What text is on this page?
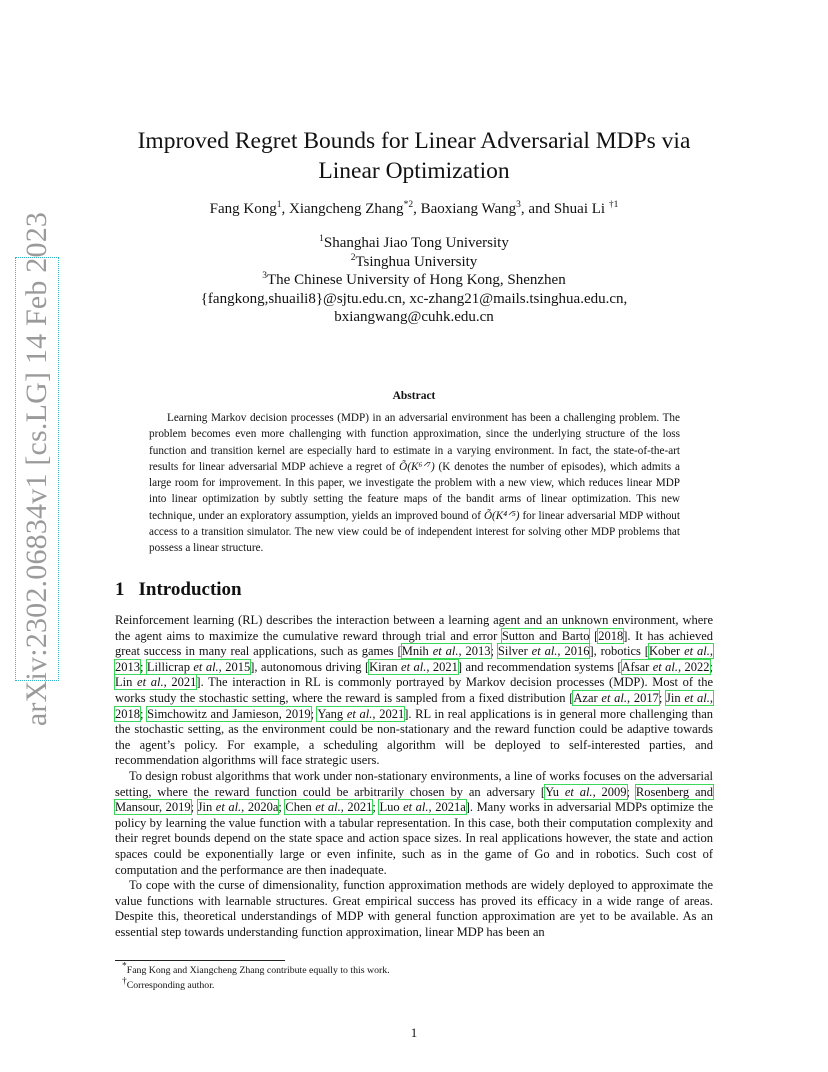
arXiv:2302.06834v1 [cs.LG] 14 Feb 2023
Improved Regret Bounds for Linear Adversarial MDPs via
Linear Optimization
Fang Kong$^1$, Xiangcheng Zhang$^{*2}$, Baoxiang Wang$^3$, and Shuai Li $^{\dagger 1}$
$^1$Shanghai Jiao Tong University
$^2$Tsinghua University
$^3$The Chinese University of Hong Kong, Shenzhen
{fangkong,shuaili8}@sjtu.edu.cn, xc-zhang21@mails.tsinghua.edu.cn,
bxiangwang@cuhk.edu.cn
Abstract

Learning Markov decision processes (MDP) in an adversarial environment has been a challenging problem. The problem becomes even more challenging with function approximation, since the underlying structure of the loss function and transition kernel are especially hard to estimate in a varying environment. In fact, the state-of-the-art results for linear adversarial MDP achieve a regret of Õ(K⁶ᐟ⁷) (K denotes the number of episodes), which admits a large room for improvement. In this paper, we investigate the problem with a new view, which reduces linear MDP into linear optimization by subtly setting the feature maps of the bandit arms of linear optimization. This new technique, under an exploratory assumption, yields an improved bound of Õ(K⁴ᐟ⁵) for linear adversarial MDP without access to a transition simulator. The new view could be of independent interest for solving other MDP problems that possess a linear structure.

1 Introduction

Reinforcement learning (RL) describes the interaction between a learning agent and an unknown environment, where the agent aims to maximize the cumulative reward through trial and error Sutton and Barto [2018]. It has achieved great success in many real applications, such as games [Mnih et al., 2013; Silver et al., 2016], robotics [Kober et al., 2013; Lillicrap et al., 2015], autonomous driving [Kiran et al., 2021] and recommendation systems [Afsar et al., 2022; Lin et al., 2021]. The interaction in RL is commonly portrayed by Markov decision processes (MDP). Most of the works study the stochastic setting, where the reward is sampled from a fixed distribution [Azar et al., 2017; Jin et al., 2018; Simchowitz and Jamieson, 2019; Yang et al., 2021]. RL in real applications is in general more challenging than the stochastic setting, as the environment could be non-stationary and the reward function could be adaptive towards the agent’s policy. For example, a scheduling algorithm will be deployed to self-interested parties, and recommendation algorithms will face strategic users.

To design robust algorithms that work under non-stationary environments, a line of works focuses on the adversarial setting, where the reward function could be arbitrarily chosen by an adversary [Yu et al., 2009; Rosenberg and Mansour, 2019; Jin et al., 2020a; Chen et al., 2021; Luo et al., 2021a]. Many works in adversarial MDPs optimize the policy by learning the value function with a tabular representation. In this case, both their computation complexity and their regret bounds depend on the state space and action space sizes. In real applications however, the state and action spaces could be exponentially large or even infinite, such as in the game of Go and in robotics. Such cost of computation and the performance are then inadequate.

To cope with the curse of dimensionality, function approximation methods are widely deployed to approximate the value functions with learnable structures. Great empirical success has proved its efficacy in a wide range of areas. Despite this, theoretical understandings of MDP with general function approximation are yet to be available. As an essential step towards understanding function approximation, linear MDP has been an

*Fang Kong and Xiangcheng Zhang contribute equally to this work.
†Corresponding author.
1
